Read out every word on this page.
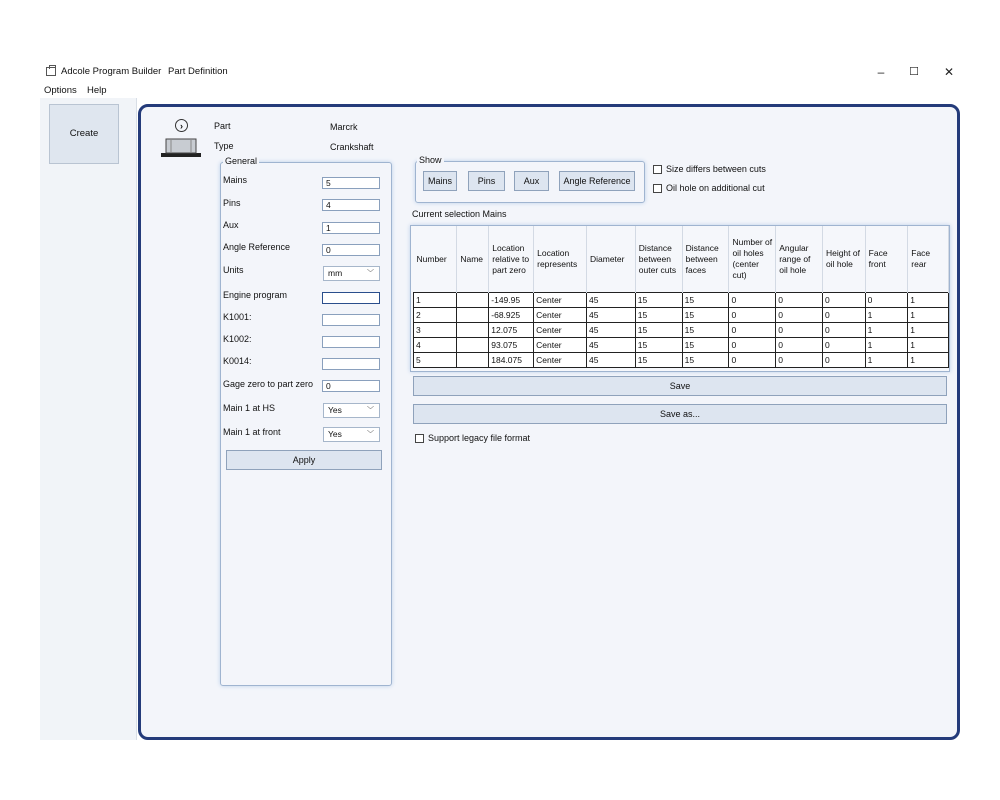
Adcole Program Builder Part Definition	–	☐	✕
Options Help
Create
›	Part	Marcrk
Type	Crankshaft
General
Mains	5
Pins	4
Aux	1
Angle Reference	0
Units	mm	﹀
Engine program
K1001:
K1002:
K0014:
Gage zero to part zero	0
Main 1 at HS	Yes	﹀
Main 1 at front	Yes	﹀
Apply
Show
Mains	Pins	Aux	Angle Reference
Size differs between cuts
Oil hole on additional cut
Current selection Mains
Number	Name	Location relative to part zero	Location represents	Diameter	Distance between outer cuts	Distance between faces	Number of oil holes (center cut)	Angular range of oil hole	Height of oil hole	Face front	Face rear
1		-149.95	Center	45	15	15	0	0	0	0	1
2		-68.925	Center	45	15	15	0	0	0	1	1
3		12.075	Center	45	15	15	0	0	0	1	1
4		93.075	Center	45	15	15	0	0	0	1	1
5		184.075	Center	45	15	15	0	0	0	1	1
Save
Save as...
Support legacy file format
